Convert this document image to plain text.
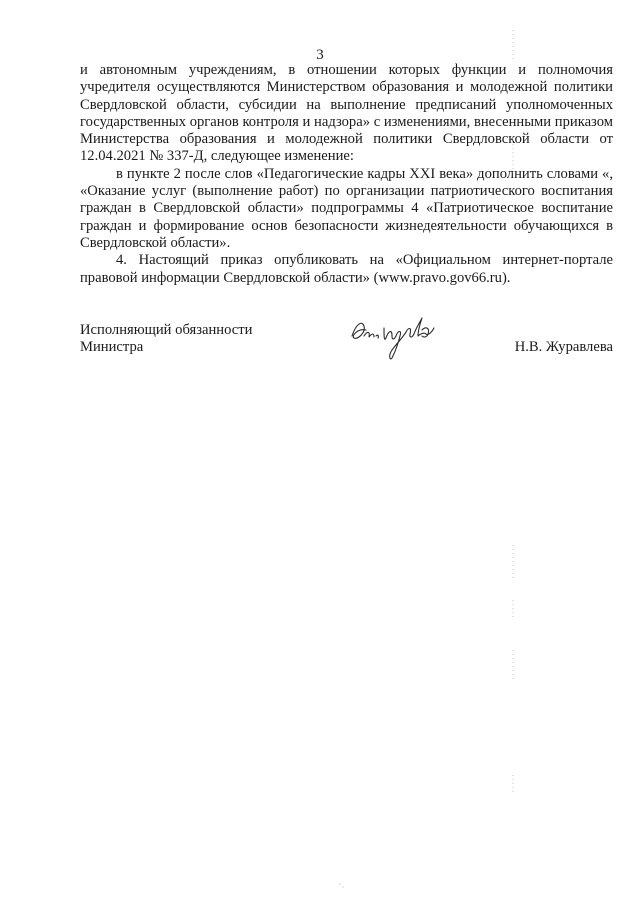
3

и автономным учреждениям, в отношении которых функции и полномочия учредителя осуществляются Министерством образования и молодежной политики Свердловской области, субсидии на выполнение предписаний уполномоченных государственных органов контроля и надзора» с изменениями, внесенными приказом Министерства образования и молодежной политики Свердловской области от 12.04.2021 № 337-Д, следующее изменение:

в пункте 2 после слов «Педагогические кадры XXI века» дополнить словами «, «Оказание услуг (выполнение работ) по организации патриотического воспитания граждан в Свердловской области» подпрограммы 4 «Патриотическое воспитание граждан и формирование основ безопасности жизнедеятельности обучающихся в Свердловской области».

4. Настоящий приказ опубликовать на «Официальном интернет-портале правовой информации Свердловской области» (www.pravo.gov66.ru).

Исполняющий обязанности
Министра	Н.В. Журавлева
